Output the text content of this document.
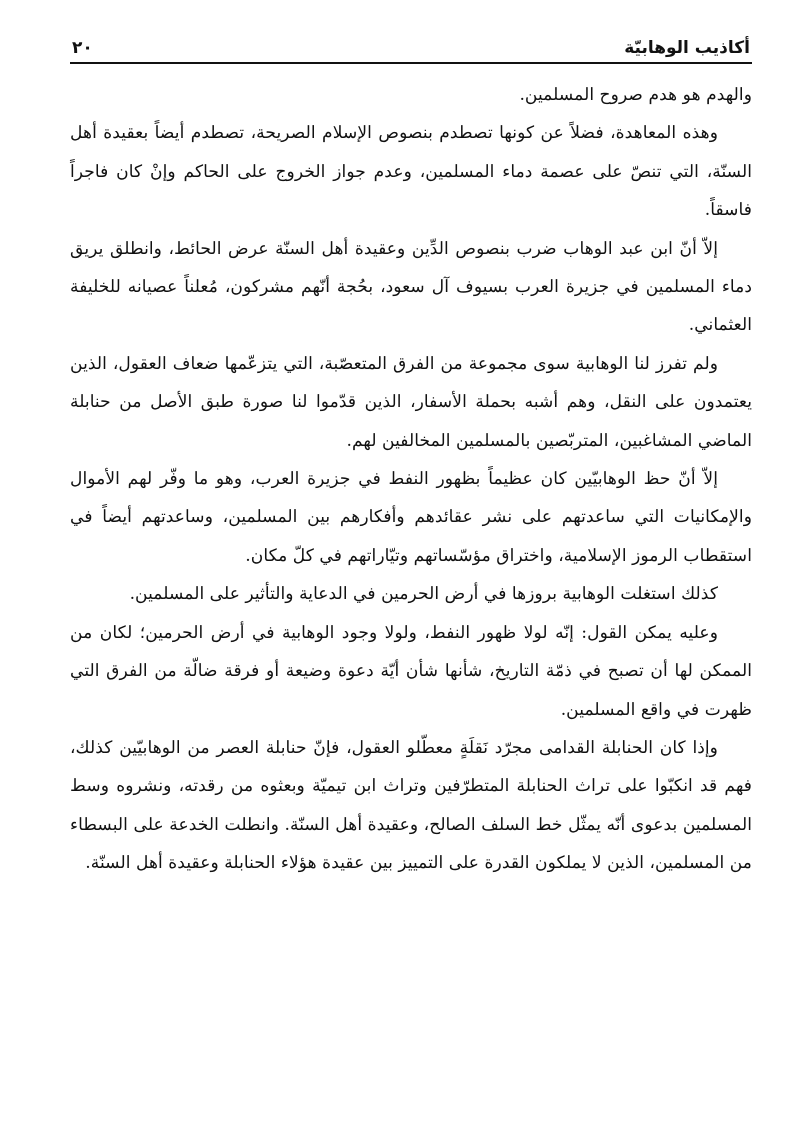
أكاذيب الوهابيّة
٢٠

والهدم هو هدم صروح المسلمين.

وهذه المعاهدة، فضلاً عن كونها تصطدم بنصوص الإسلام الصريحة، تصطدم أيضاً بعقيدة أهل السنّة، التي تنصّ على عصمة دماء المسلمين، وعدم جواز الخروج على الحاكم وإنْ كان فاجراً فاسقاً.

إلاّ أنّ ابن عبد الوهاب ضرب بنصوص الدِّين وعقيدة أهل السنّة عرض الحائط، وانطلق يريق دماء المسلمين في جزيرة العرب بسيوف آل سعود، بحُجة أنّهم مشركون، مُعلناً عصيانه للخليفة العثماني.

ولم تفرز لنا الوهابية سوى مجموعة من الفرق المتعصّبة، التي يتزعّمها ضعاف العقول، الذين يعتمدون على النقل، وهم أشبه بحملة الأسفار، الذين قدّموا لنا صورة طبق الأصل من حنابلة الماضي المشاغبين، المتربّصين بالمسلمين المخالفين لهم.

إلاّ أنّ حظ الوهابيّين كان عظيماً بظهور النفط في جزيرة العرب، وهو ما وفّر لهم الأموال والإمكانيات التي ساعدتهم على نشر عقائدهم وأفكارهم بين المسلمين، وساعدتهم أيضاً في استقطاب الرموز الإسلامية، واختراق مؤسّساتهم وتيّاراتهم في كلّ مكان.

كذلك استغلت الوهابية بروزها في أرض الحرمين في الدعاية والتأثير على المسلمين.

وعليه يمكن القول: إنّه لولا ظهور النفط، ولولا وجود الوهابية في أرض الحرمين؛ لكان من الممكن لها أن تصبح في ذمّة التاريخ، شأنها شأن أيّة دعوة وضيعة أو فرقة ضالّة من الفرق التي ظهرت في واقع المسلمين.

وإذا كان الحنابلة القدامى مجرّد نَقلَةٍ معطّلو العقول، فإنّ حنابلة العصر من الوهابيّين كذلك، فهم قد انكبّوا على تراث الحنابلة المتطرّفين وتراث ابن تيميّة وبعثوه من رقدته، ونشروه وسط المسلمين بدعوى أنّه يمثّل خط السلف الصالح، وعقيدة أهل السنّة. وانطلت الخدعة على البسطاء من المسلمين، الذين لا يملكون القدرة على التمييز بين عقيدة هؤلاء الحنابلة وعقيدة أهل السنّة.
